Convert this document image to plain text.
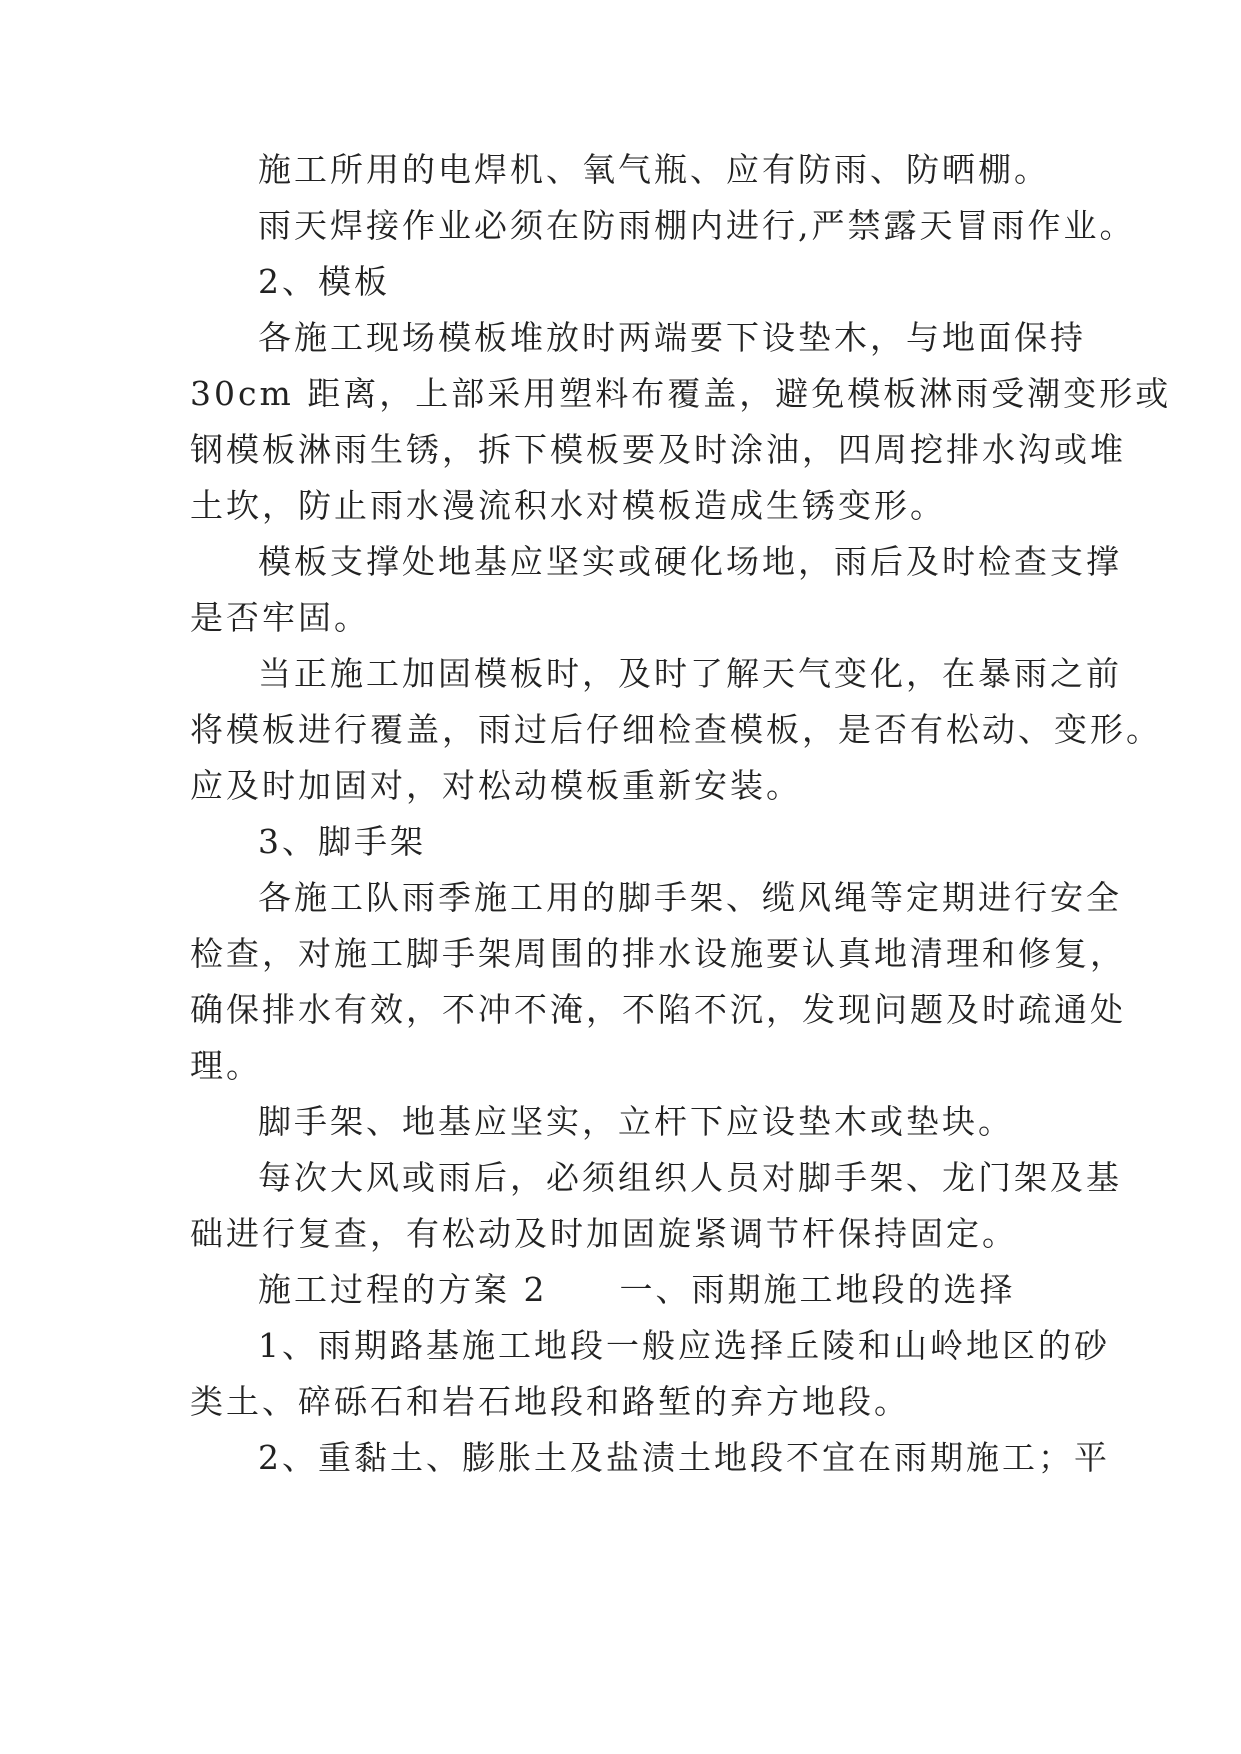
施工所用的电焊机、氧气瓶、应有防雨、防晒棚。
雨天焊接作业必须在防雨棚内进行,严禁露天冒雨作业。
2、模板
各施工现场模板堆放时两端要下设垫木，与地面保持
30cm 距离，上部采用塑料布覆盖，避免模板淋雨受潮变形或
钢模板淋雨生锈，拆下模板要及时涂油，四周挖排水沟或堆
土坎，防止雨水漫流积水对模板造成生锈变形。
模板支撑处地基应坚实或硬化场地，雨后及时检查支撑
是否牢固。
当正施工加固模板时，及时了解天气变化，在暴雨之前
将模板进行覆盖，雨过后仔细检查模板，是否有松动、变形。
应及时加固对，对松动模板重新安装。
3、脚手架
各施工队雨季施工用的脚手架、缆风绳等定期进行安全
检查，对施工脚手架周围的排水设施要认真地清理和修复，
确保排水有效，不冲不淹，不陷不沉，发现问题及时疏通处
理。
脚手架、地基应坚实，立杆下应设垫木或垫块。
每次大风或雨后，必须组织人员对脚手架、龙门架及基
础进行复查，有松动及时加固旋紧调节杆保持固定。
施工过程的方案 2　　一、雨期施工地段的选择
1、雨期路基施工地段一般应选择丘陵和山岭地区的砂
类土、碎砾石和岩石地段和路堑的弃方地段。
2、重黏土、膨胀土及盐渍土地段不宜在雨期施工；平
